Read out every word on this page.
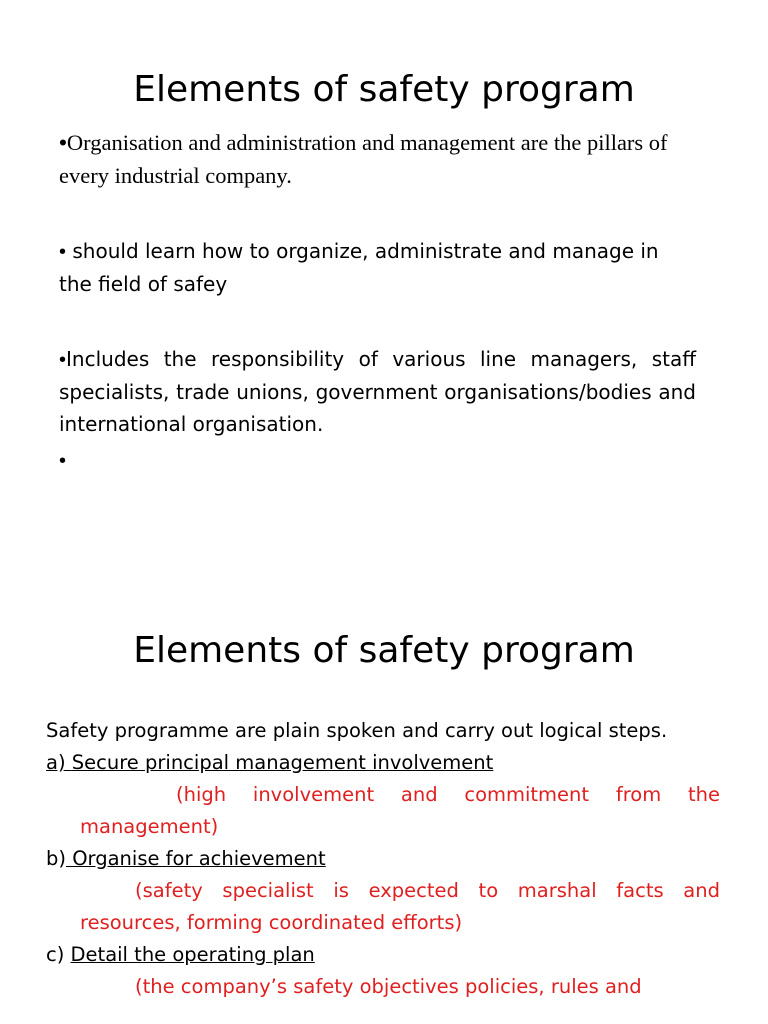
Elements of safety program
•Organisation and administration and management are the pillars of every industrial company.
• should learn how to organize, administrate and manage in the field of safey
•Includes the responsibility of various line managers, staff specialists, trade unions, government organisations/bodies and international organisation.
•
Elements of safety program
Safety programme are plain spoken and carry out logical steps.
a) Secure principal management involvement
(high involvement and commitment from the management)
b) Organise for achievement
(safety specialist is expected to marshal facts and resources, forming coordinated efforts)
c) Detail the operating plan
(the company’s safety objectives policies, rules and
